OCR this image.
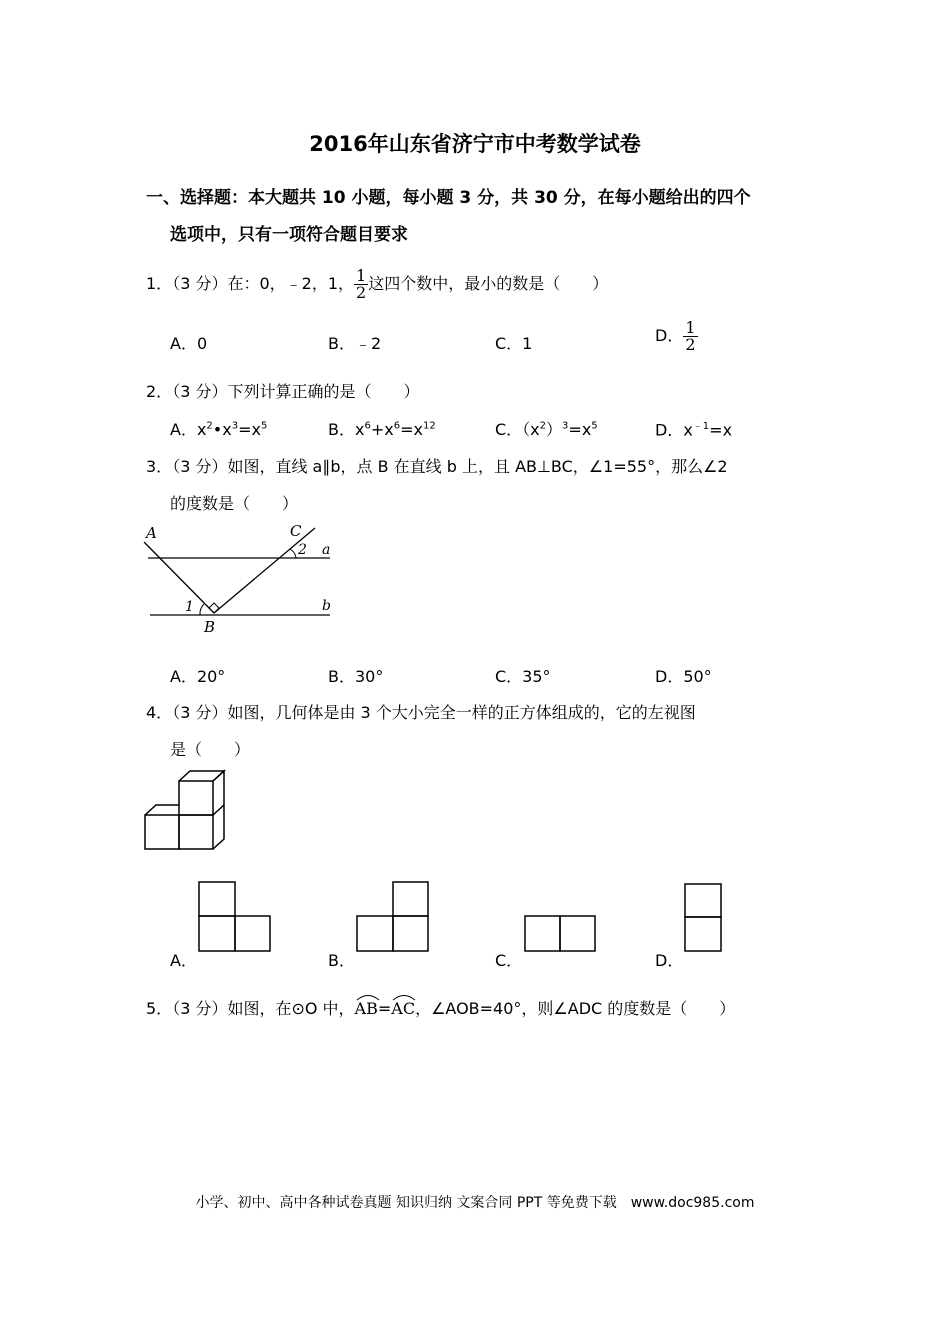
2016年山东省济宁市中考数学试卷
一、选择题：本大题共 10 小题，每小题 3 分，共 30 分，在每小题给出的四个
选项中，只有一项符合题目要求
1．（3 分）在：0，﹣2，1， $\frac{1}{2}$ 这四个数中，最小的数是（　　）
A．0	B．﹣2	C．1	D． $\frac{1}{2}$
2．（3 分）下列计算正确的是（　　）
A．$x^2•x^3=x^5$	B．$x^6+x^6=x^{12}$	C．$(x^2)^3=x^5$	D．$x^{﹣1}=x$
3．（3 分）如图，直线 a∥b，点 B 在直线 b 上，且 AB⊥BC，∠1=55°，那么∠2
的度数是（　　）
A	C
2 a
b
1
B
A．20°	B．30°	C．35°	D．50°
4．（3 分）如图，几何体是由 3 个大小完全一样的正方体组成的，它的左视图
是（　　）
A．	B．	C．	D．
5．（3 分）如图，在⊙O 中，
AB=
AC，∠AOB=40°，则∠ADC 的度数是（　　）
小学、初中、高中各种试卷真题 知识归纳 文案合同 PPT 等免费下载　www.doc985.com
